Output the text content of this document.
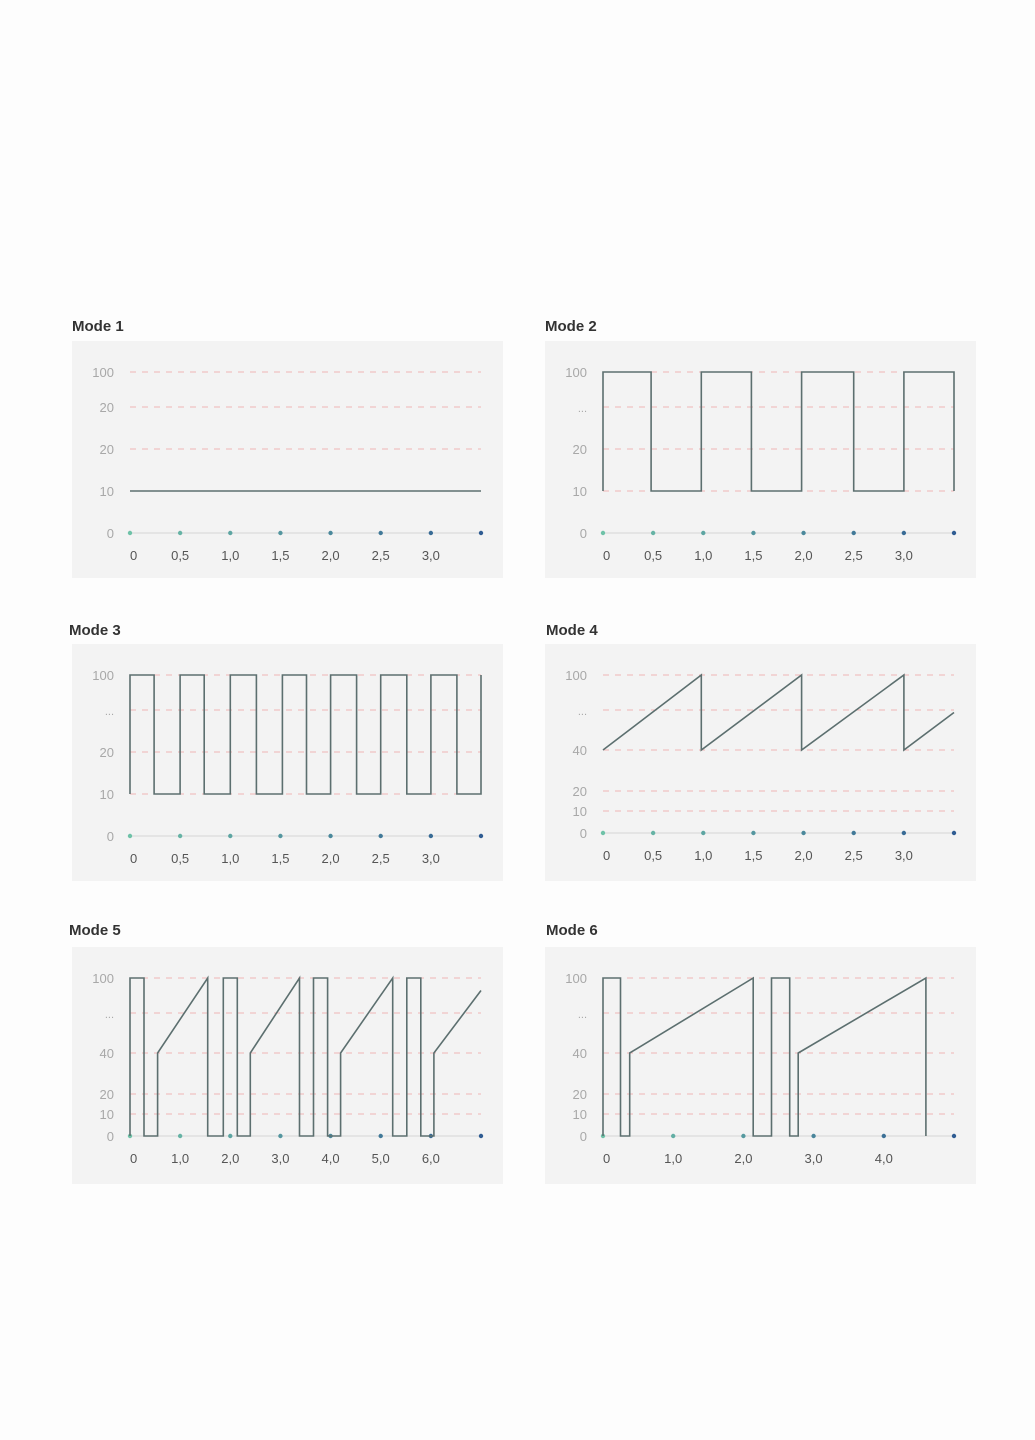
Mode 1
100
20
20
10
0
0	0,5 1,0 1,5 2,0 2,5 3,0
Mode 2
100
...
20
10
0
0	0,5 1,0 1,5 2,0 2,5 3,0
Mode 3
100
...
20
10
0
0	0,5 1,0 1,5 2,0 2,5 3,0
Mode 4
100
...
40
20
10
0
0	0,5 1,0 1,5 2,0 2,5 3,0
Mode 5
100
...
40
20
10
0
0	1,0 2,0 3,0 4,0 5,0 6,0
Mode 6
100
...
40
20
10
0
0	1,0	2,0	3,0	4,0
